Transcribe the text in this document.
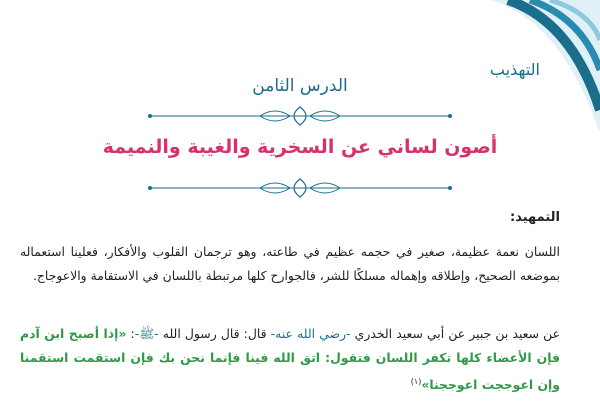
التهذيب
الدرس الثامن
أصون لساني عن السخرية والغيبة والنميمة
التمهيد:

اللسان نعمة عظيمة، صغير في حجمه عظيم في طاعته، وهو ترجمان القلوب والأفكار، فعلينا استعماله بموضعه الصحيح، وإطلاقه وإهماله مسلكًا للشر، فالجوارح كلها مرتبطة باللسان في الاستقامة والاعوجاج.

عن سعيد بن جبير عن أبي سعيد الخدري -رضي الله عنه- قال: قال رسول الله -ﷺ-: «إذا أصبح ابن آدم فإن الأعضاء كلها تكفر اللسان فتقول: اتق الله فينا فإنما نحن بك فإن استقمت استقمنا وإن اعوججت اعوججنا»$^{(١)}$
